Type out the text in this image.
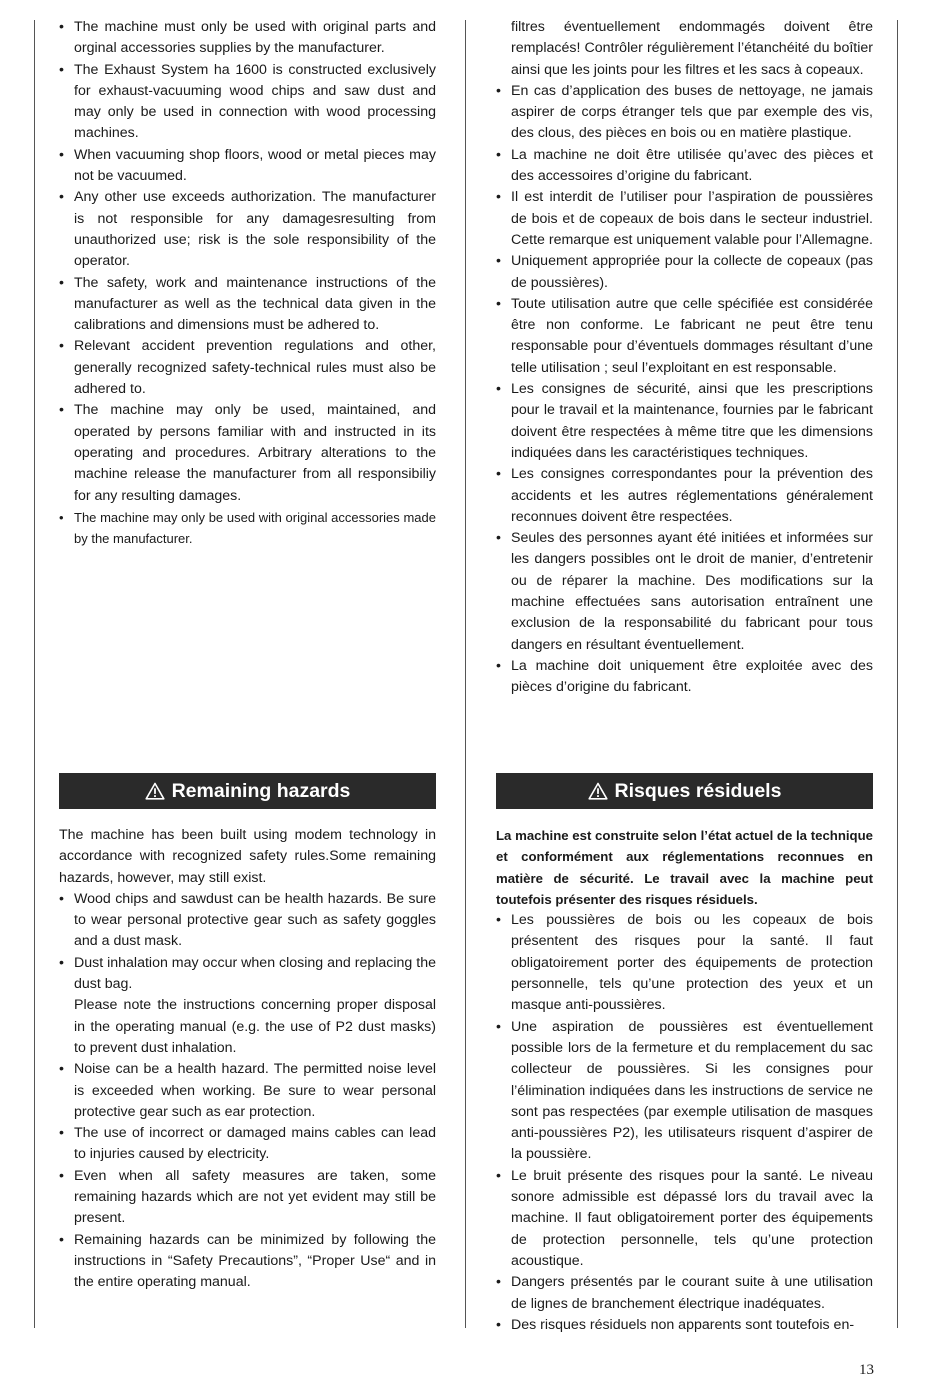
• The machine must only be used with original parts and orginal accessories supplies by the manufacturer.

• The Exhaust System ha 1600 is constructed exclusively for exhaust-vacuuming wood chips and saw dust and may only be used in connection with wood processing machines.

• When vacuuming shop floors, wood or metal pieces may not be vacuumed.

• Any other use exceeds authorization. The manufacturer is not responsible for any damagesresulting from unauthorized use; risk is the sole responsibility of the operator.

• The safety, work and maintenance instructions of the manufacturer as well as the technical data given in the calibrations and dimensions must be adhered to.

• Relevant accident prevention regulations and other, generally recognized safety-technical rules must also be adhered to.

• The machine may only be used, maintained, and operated by persons familiar with and instructed in its operating and procedures. Arbitrary alterations to the machine release the manufacturer from all responsibiliy for any resulting damages.

• The machine may only be used with original accessories made by the manufacturer.

filtres éventuellement endommagés doivent être remplacés! Contrôler régulièrement l’étanchéité du boîtier ainsi que les joints pour les filtres et les sacs à copeaux.

• En cas d’application des buses de nettoyage, ne jamais aspirer de corps étranger tels que par exemple des vis, des clous, des pièces en bois ou en matière plastique.

• La machine ne doit être utilisée qu’avec des pièces et des accessoires d’origine du fabricant.

• Il est interdit de l’utiliser pour l’aspiration de poussières de bois et de copeaux de bois dans le secteur industriel. Cette remarque est uniquement valable pour l’Allemagne.

• Uniquement appropriée pour la collecte de copeaux (pas de poussières).

• Toute utilisation autre que celle spécifiée est considérée être non conforme. Le fabricant ne peut être tenu responsable pour d’éventuels dommages résultant d’une telle utilisation ; seul l’exploitant en est responsable.

• Les consignes de sécurité, ainsi que les prescriptions pour le travail et la maintenance, fournies par le fabricant doivent être respectées à même titre que les dimensions indiquées dans les caractéristiques techniques.

• Les consignes correspondantes pour la prévention des accidents et les autres réglementations généralement reconnues doivent être respectées.

• Seules des personnes ayant été initiées et informées sur les dangers possibles ont le droit de manier, d’entretenir ou de réparer la machine. Des modifications sur la machine effectuées sans autorisation entraînent une exclusion de la responsabilité du fabricant pour tous dangers en résultant éventuellement.

• La machine doit uniquement être exploitée avec des pièces d’origine du fabricant.

Remaining hazards	Risques résiduels

The machine has been built using modem technology in accordance with recognized safety rules.Some remaining hazards, however, may still exist.

• Wood chips and sawdust can be health hazards. Be sure to wear personal protective gear such as safety goggles and a dust mask.

• Dust inhalation may occur when closing and replacing the dust bag.

Please note the instructions concerning proper disposal in the operating manual (e.g. the use of P2 dust masks) to prevent dust inhalation.

• Noise can be a health hazard. The permitted noise level is exceeded when working. Be sure to wear personal protective gear such as ear protection.

• The use of incorrect or damaged mains cables can lead to injuries caused by electricity.

• Even when all safety measures are taken, some remaining hazards which are not yet evident may still be present.

• Remaining hazards can be minimized by following the instructions in “Safety Precautions”, “Proper Use“ and in the entire operating manual.

La machine est construite selon l’état actuel de la technique et conformément aux réglementations reconnues en matière de sécurité. Le travail avec la machine peut toutefois présenter des risques résiduels.

• Les poussières de bois ou les copeaux de bois présentent des risques pour la santé. Il faut obligatoirement porter des équipements de protection personnelle, tels qu’une protection des yeux et un masque anti-poussières.

• Une aspiration de poussières est éventuellement possible lors de la fermeture et du remplacement du sac collecteur de poussières. Si les consignes pour l’élimination indiquées dans les instructions de service ne sont pas respectées (par exemple utilisation de masques anti-poussières P2), les utilisateurs risquent d’aspirer de la poussière.

• Le bruit présente des risques pour la santé. Le niveau sonore admissible est dépassé lors du travail avec la machine. Il faut obligatoirement porter des équipements de protection personnelle, tels qu’une protection acoustique.

• Dangers présentés par le courant suite à une utilisation de lignes de branchement électrique inadéquates.

• Des risques résiduels non apparents sont toutefois en-

13
